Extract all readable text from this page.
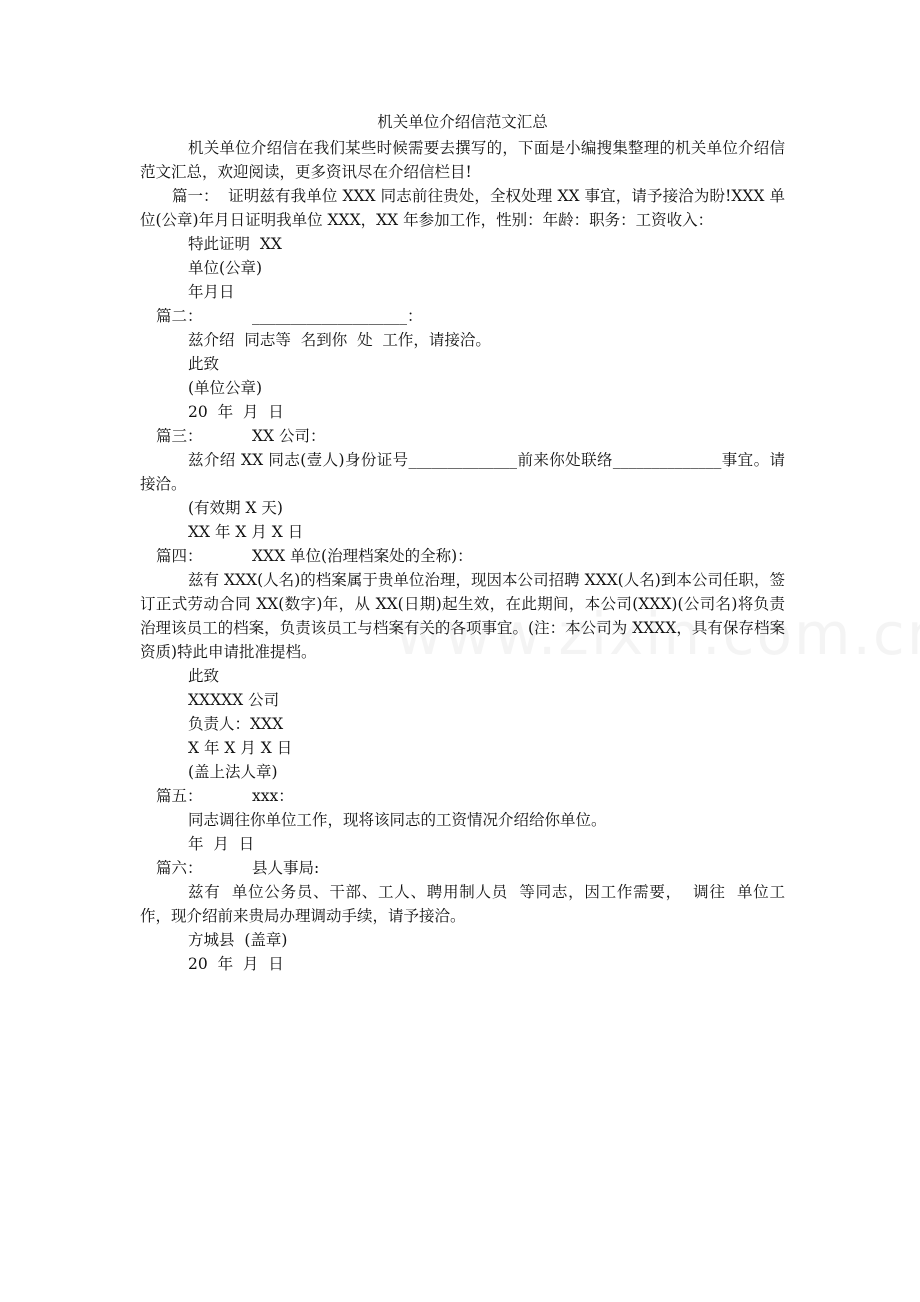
机关单位介绍信范文汇总

机关单位介绍信在我们某些时候需要去撰写的，下面是小编搜集整理的机关单位介绍信范文汇总，欢迎阅读，更多资讯尽在介绍信栏目!

篇一： 证明兹有我单位 XXX 同志前往贵处，全权处理 XX 事宜，请予接洽为盼!XXX 单位(公章)年月日证明我单位 XXX，XX 年参加工作，性别：年龄：职务：工资收入：

特此证明  XX

单位(公章)

年月日

篇二：	____________________：

兹介绍  同志等  名到你  处  工作，请接洽。

此致

(单位公章)

20  年  月  日

篇三：	XX 公司：

兹介绍 XX 同志(壹人)身份证号______________前来你处联络______________事宜。请接洽。

(有效期 X 天)

XX 年 X 月 X 日

篇四：	XXX 单位(治理档案处的全称)：

兹有 XXX(人名)的档案属于贵单位治理，现因本公司招聘 XXX(人名)到本公司任职，签订正式劳动合同 XX(数字)年，从 XX(日期)起生效，在此期间，本公司(XXX)(公司名)将负责治理该员工的档案，负责该员工与档案有关的各项事宜。(注：本公司为 XXXX，具有保存档案资质)特此申请批准提档。

此致

XXXXX 公司

负责人：XXX

X 年 X 月 X 日

(盖上法人章)

篇五：	xxx：

同志调往你单位工作，现将该同志的工资情况介绍给你单位。

年  月  日

篇六：	县人事局:

兹有  单位公务员、干部、工人、聘用制人员  等同志，因工作需要，  调往  单位工作，现介绍前来贵局办理调动手续，请予接洽。

方城县  (盖章)

20  年  月  日
